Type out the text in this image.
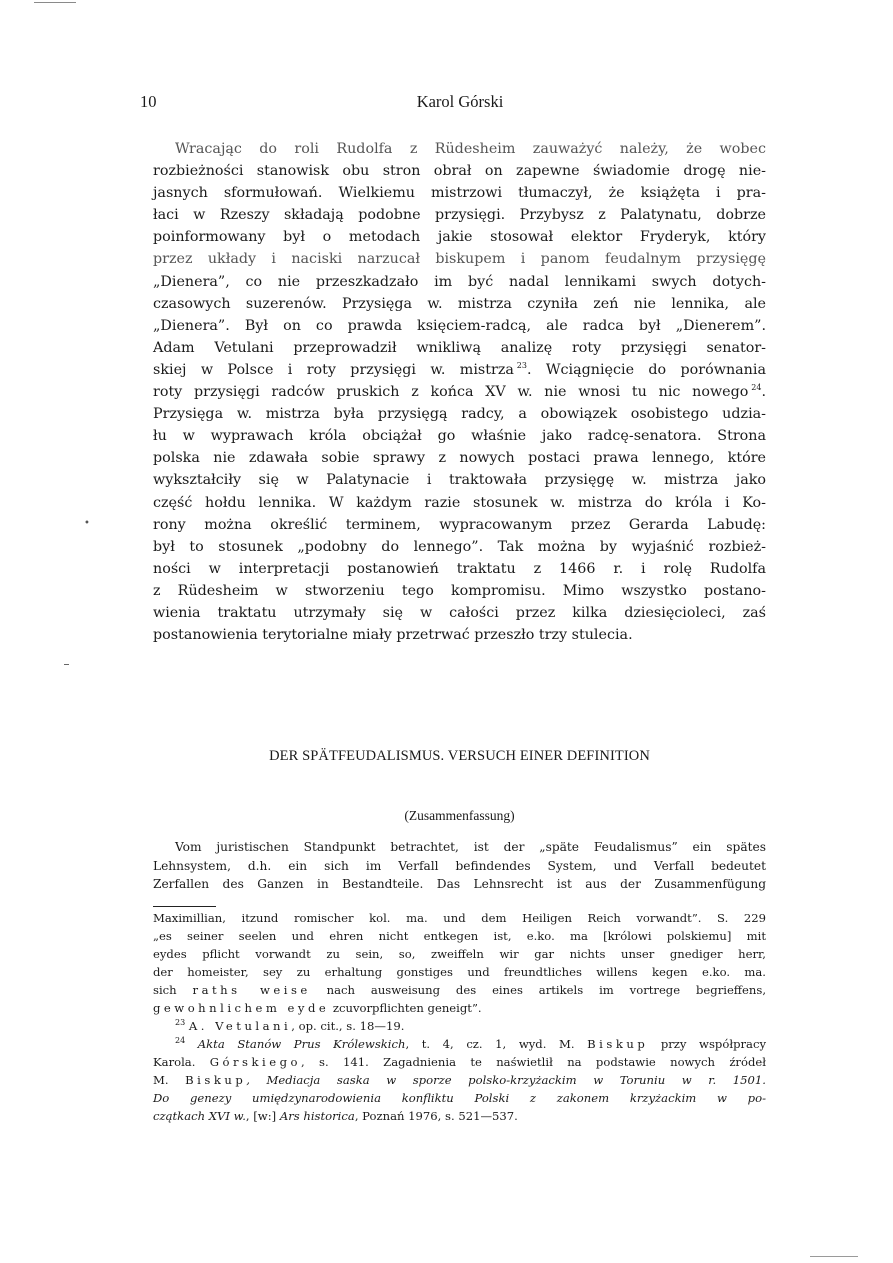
•
10	Karol Górski
Wracając do roli Rudolfa z Rüdesheim zauważyć należy, że wobec
rozbieżności stanowisk obu stron obrał on zapewne świadomie drogę nie-
jasnych sformułowań. Wielkiemu mistrzowi tłumaczył, że książęta i pra-
łaci w Rzeszy składają podobne przysięgi. Przybysz z Palatynatu, dobrze
poinformowany był o metodach jakie stosował elektor Fryderyk, który
przez układy i naciski narzucał biskupem i panom feudalnym przysięgę
„Dienera”, co nie przeszkadzało im być nadal lennikami swych dotych-
czasowych suzerenów. Przysięga w. mistrza czyniła zeń nie lennika, ale
„Dienera”. Był on co prawda księciem-radcą, ale radca był „Dienerem”.
Adam Vetulani przeprowadził wnikliwą analizę roty przysięgi senator-
skiej w Polsce i roty przysięgi w. mistrza  $^{23}$. Wciągnięcie do porównania
roty przysięgi radców pruskich z końca XV w. nie wnosi tu nic nowego  $^{24}$.
Przysięga w. mistrza była przysięgą radcy, a obowiązek osobistego udzia-
łu w wyprawach króla obciążał go właśnie jako radcę-senatora. Strona
polska nie zdawała sobie sprawy z nowych postaci prawa lennego, które
wykształciły się w Palatynacie i traktowała przysięgę w. mistrza jako
część hołdu lennika. W każdym razie stosunek w. mistrza do króla i Ko-
rony można określić terminem, wypracowanym przez Gerarda Labudę:
był to stosunek „podobny do lennego”. Tak można by wyjaśnić rozbież-
ności w interpretacji postanowień traktatu z 1466 r. i rolę Rudolfa
z Rüdesheim w stworzeniu tego kompromisu. Mimo wszystko postano-
wienia traktatu utrzymały się w całości przez kilka dziesięcioleci, zaś
postanowienia terytorialne miały przetrwać przeszło trzy stulecia.
DER SPÄTFEUDALISMUS. VERSUCH EINER DEFINITION
(Zusammenfassung)
Vom juristischen Standpunkt betrachtet, ist der „späte Feudalismus” ein spätes
Lehnsystem, d.h. ein sich im Verfall befindendes System, und Verfall bedeutet
Zerfallen des Ganzen in Bestandteile. Das Lehnsrecht ist aus der Zusammenfügung
Maximillian, itzund romischer kol. ma. und dem Heiligen Reich vorwandt”. S. 229
„es seiner seelen und ehren nicht entkegen ist, e.ko. ma [królowi polskiemu] mit
eydes pflicht vorwandt zu sein, so, zweiffeln wir gar nichts unser gnediger herr,
der homeister, sey zu erhaltung gonstiges und freundtliches willens kegen e.ko. ma.
sich raths weise nach ausweisung des eines artikels im vortrege begrieffens,
gewohnlichem eyde zcuvorpflichten geneigt”.
$^{23}$ A. Vetulani, op. cit., s. 18—19.
$^{24}$ Akta Stanów Prus Królewskich, t. 4, cz. 1, wyd. M. Biskup przy współpracy
Karola. Górskiego, s. 141. Zagadnienia te naświetlił na podstawie nowych źródeł
M. Biskup, Mediacja saska w sporze polsko-krzyżackim w Toruniu w r. 1501.
Do genezy umiędzynarodowienia konfliktu Polski z zakonem krzyżackim w po-
czątkach XVI w., [w:] Ars historica, Poznań 1976, s. 521—537.
